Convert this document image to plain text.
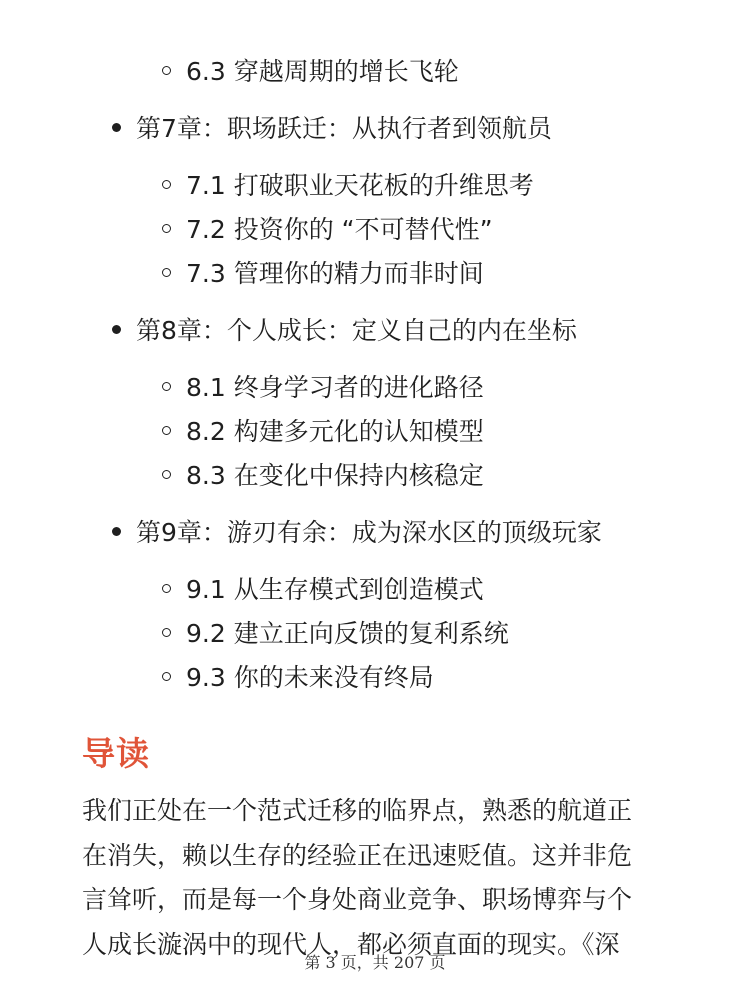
6.3 穿越周期的增长飞轮
第7章：职场跃迁：从执行者到领航员
7.1 打破职业天花板的升维思考
7.2 投资你的 “不可替代性”
7.3 管理你的精力而非时间
第8章：个人成长：定义自己的内在坐标
8.1 终身学习者的进化路径
8.2 构建多元化的认知模型
8.3 在变化中保持内核稳定
第9章：游刃有余：成为深水区的顶级玩家
9.1 从生存模式到创造模式
9.2 建立正向反馈的复利系统
9.3 你的未来没有终局
导读
我们正处在一个范式迁移的临界点，熟悉的航道正
在消失，赖以生存的经验正在迅速贬值。这并非危
言耸听，而是每一个身处商业竞争、职场博弈与个
人成长漩涡中的现代人，都必须直面的现实。《深
第 3 页，共 207 页
